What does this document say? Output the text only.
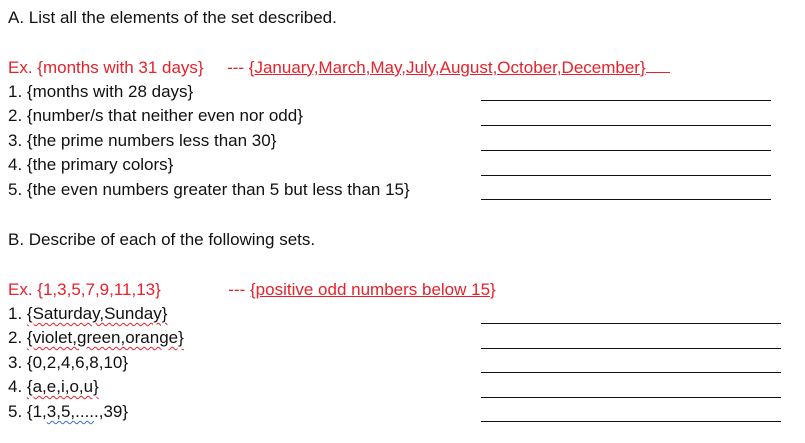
A. List all the elements of the set described.
Ex. {months with 31 days} --- {January,March,May,July,August,October,December}
1. {months with 28 days}
2. {number/s that neither even nor odd}
3. {the prime numbers less than 30}
4. {the primary colors}
5. {the even numbers greater than 5 but less than 15}
B. Describe of each of the following sets.
Ex. {1,3,5,7,9,11,13}	--- {positive odd numbers below 15}
1. {Saturday,Sunday}
2. {violet,green,orange}
3. {0,2,4,6,8,10}
4. {a,e,i,o,u}
5. {1,3,5,.....,39}
